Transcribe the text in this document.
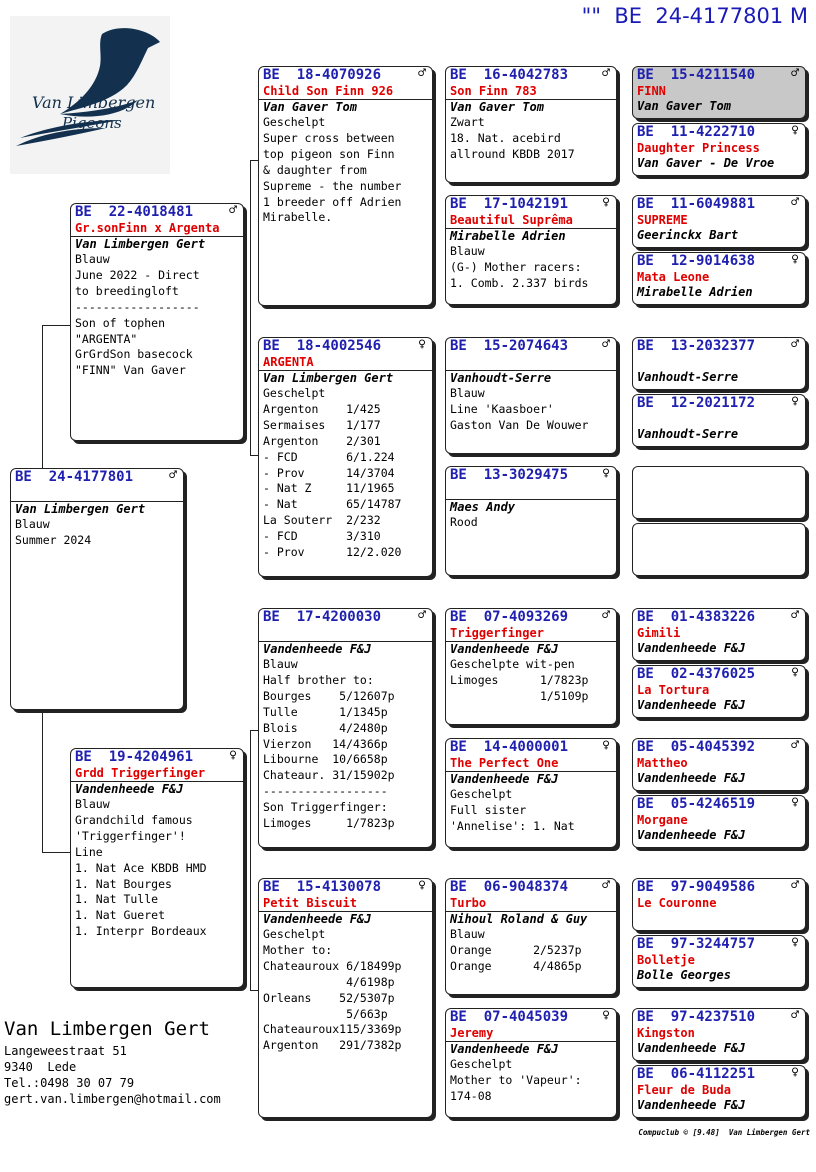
"" BE  24-4177801 M
Van Limbergen
Pigeons
BE  24-4177801	♂
Van Limbergen Gert
Blauw
Summer 2024
BE  22-4018481	♂
Gr.sonFinn x Argenta
Van Limbergen Gert
Blauw
June 2022 - Direct
to breedingloft
------------------
Son of tophen
"ARGENTA"
GrGrdSon basecock
"FINN" Van Gaver
BE  19-4204961	♀
Grdd Triggerfinger
Vandenheede F&J
Blauw
Grandchild famous
'Triggerfinger'!
Line
1. Nat Ace KBDB HMD
1. Nat Bourges
1. Nat Tulle
1. Nat Gueret
1. Interpr Bordeaux
BE  18-4070926	♂
Child Son Finn 926
Van Gaver Tom
Geschelpt
Super cross between
top pigeon son Finn
& daughter from
Supreme - the number
1 breeder off Adrien
Mirabelle.
BE  18-4002546	♀
ARGENTA
Van Limbergen Gert
Geschelpt
Argenton    1/425
Sermaises   1/177
Argenton    2/301
- FCD       6/1.224
- Prov      14/3704
- Nat Z     11/1965
- Nat       65/14787
La Souterr  2/232
- FCD       3/310
- Prov      12/2.020
BE  17-4200030	♂
Vandenheede F&J
Blauw
Half brother to:
Bourges    5/12607p
Tulle      1/1345p
Blois      4/2480p
Vierzon   14/4366p
Libourne  10/6658p
Chateaur. 31/15902p
------------------
Son Triggerfinger:
Limoges     1/7823p
BE  15-4130078	♀
Petit Biscuit
Vandenheede F&J
Geschelpt
Mother to:
Chateauroux 6/18499p
4/6198p
Orleans    52/5307p
5/663p
Chateauroux115/3369p
Argenton   291/7382p
BE  16-4042783	♂
Son Finn 783
Van Gaver Tom
Zwart
18. Nat. acebird
allround KBDB 2017
BE  17-1042191	♀
Beautiful Suprêma
Mirabelle Adrien
Blauw
(G-) Mother racers:
1. Comb. 2.337 birds
BE  15-2074643	♂
Vanhoudt-Serre
Blauw
Line 'Kaasboer'
Gaston Van De Wouwer
BE  13-3029475	♀
Maes Andy
Rood
BE  07-4093269	♂
Triggerfinger
Vandenheede F&J
Geschelpte wit-pen
Limoges      1/7823p
1/5109p
BE  14-4000001	♀
The Perfect One
Vandenheede F&J
Geschelpt
Full sister
'Annelise': 1. Nat
BE  06-9048374	♂
Turbo
Nihoul Roland & Guy
Blauw
Orange      2/5237p
Orange      4/4865p
BE  07-4045039	♀
Jeremy
Vandenheede F&J
Geschelpt
Mother to 'Vapeur':
174-08
BE  15-4211540	♂
FINN
Van Gaver Tom
BE  11-4222710	♀
Daughter Princess
Van Gaver - De Vroe
BE  11-6049881	♂
SUPREME
Geerinckx Bart
BE  12-9014638	♀
Mata Leone
Mirabelle Adrien
BE  13-2032377	♂
Vanhoudt-Serre
BE  12-2021172	♀
Vanhoudt-Serre
BE  01-4383226	♂
Gimili
Vandenheede F&J
BE  02-4376025	♀
La Tortura
Vandenheede F&J
BE  05-4045392	♂
Mattheo
Vandenheede F&J
BE  05-4246519	♀
Morgane
Vandenheede F&J
BE  97-9049586	♂
Le Couronne
BE  97-3244757	♀
Bolletje
Bolle Georges
BE  97-4237510	♂
Kingston
Vandenheede F&J
BE  06-4112251	♀
Fleur de Buda
Vandenheede F&J
Van Limbergen Gert
Langeweestraat 51
9340  Lede
Tel.:0498 30 07 79
gert.van.limbergen@hotmail.com
Compuclub © [9.48]  Van Limbergen Gert
